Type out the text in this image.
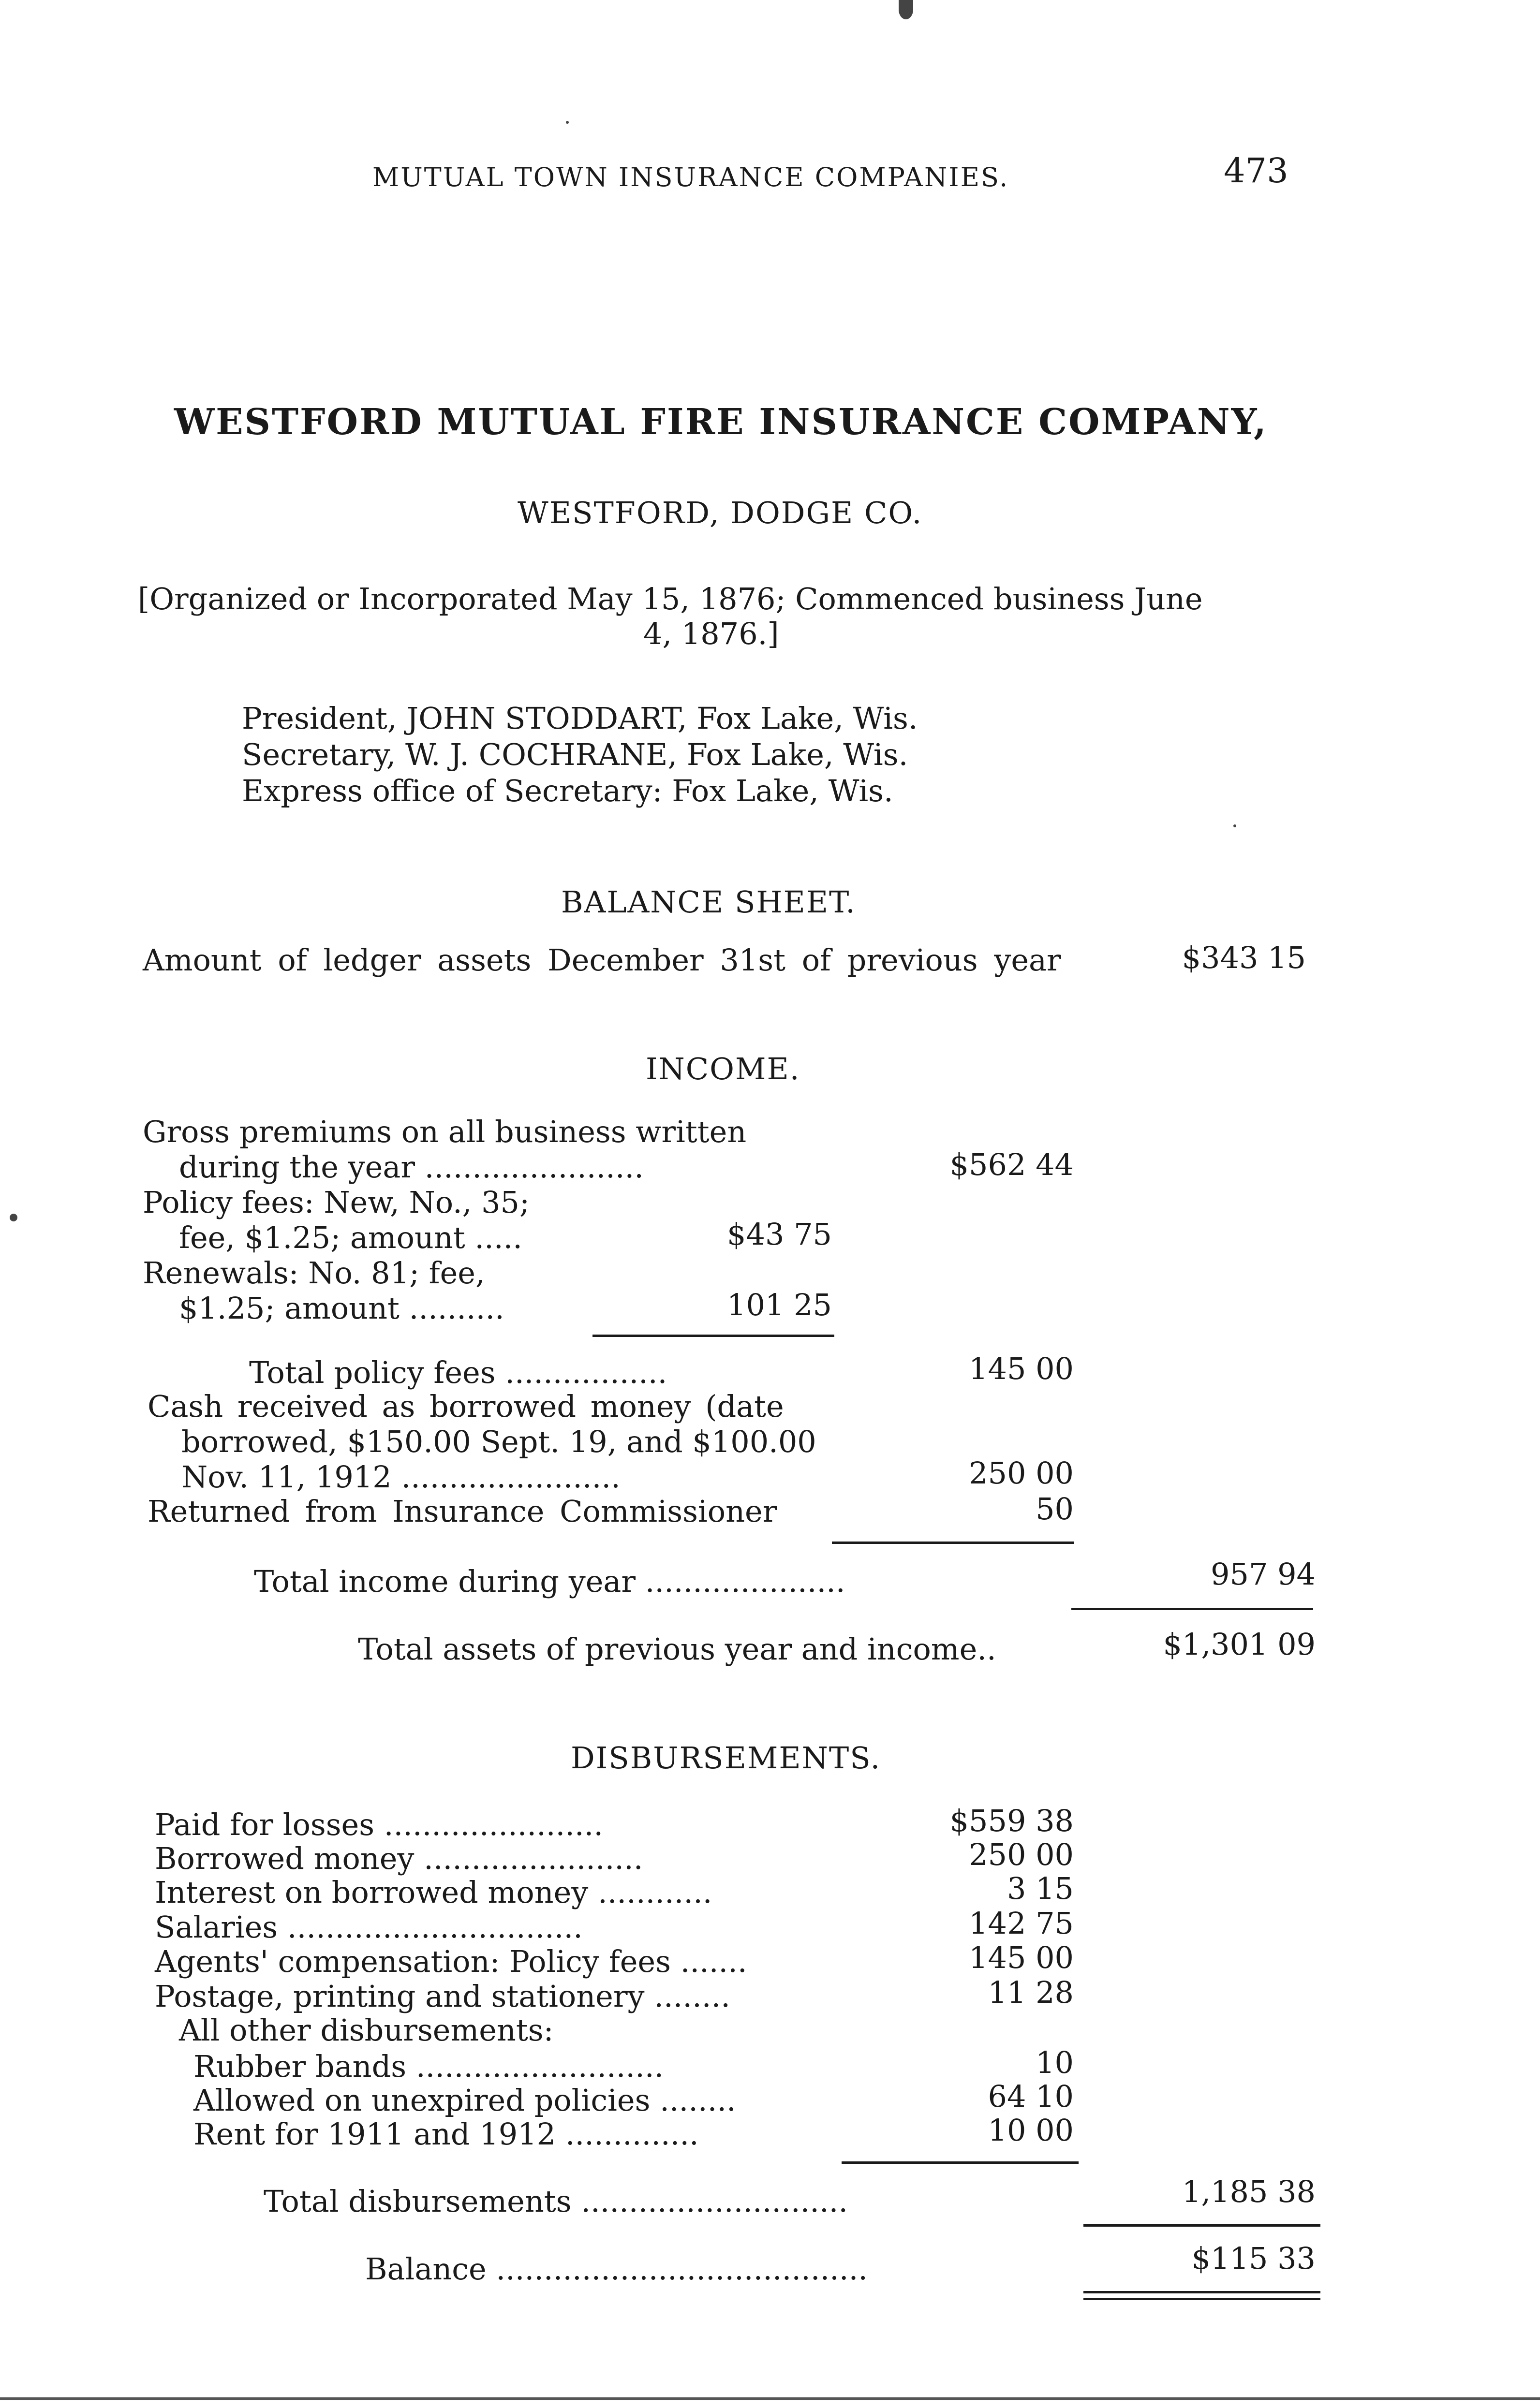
MUTUAL TOWN INSURANCE COMPANIES.	473
WESTFORD MUTUAL FIRE INSURANCE COMPANY,
WESTFORD, DODGE CO.
[Organized or Incorporated May 15, 1876; Commenced business June
4, 1876.]
President, JOHN STODDART, Fox Lake, Wis.
Secretary, W. J. COCHRANE, Fox Lake, Wis.
Express office of Secretary: Fox Lake, Wis.
BALANCE SHEET.
Amount of ledger assets December 31st of previous year	$343 15
INCOME.
Gross premiums on all business written
during the year .......................	$562 44
Policy fees: New, No., 35;
fee, $1.25; amount .....	$43 75
Renewals: No. 81; fee,
$1.25; amount ..........	101 25
Total policy fees .................	145 00
Cash received as borrowed money (date
borrowed, $150.00 Sept. 19, and $100.00
Nov. 11, 1912 .......................	250 00
Returned from Insurance Commissioner	50
Total income during year .....................	957 94
Total assets of previous year and income..	$1,301 09
DISBURSEMENTS.
Paid for losses .......................	$559 38
Borrowed money .......................	250 00
Interest on borrowed money ............	3 15
Salaries ...............................	142 75
Agents' compensation: Policy fees .......	145 00
Postage, printing and stationery ........	11 28
All other disbursements:
Rubber bands ..........................	10
Allowed on unexpired policies ........	64 10
Rent for 1911 and 1912 ..............	10 00
Total disbursements ............................	1,185 38
Balance .......................................	$115 33
